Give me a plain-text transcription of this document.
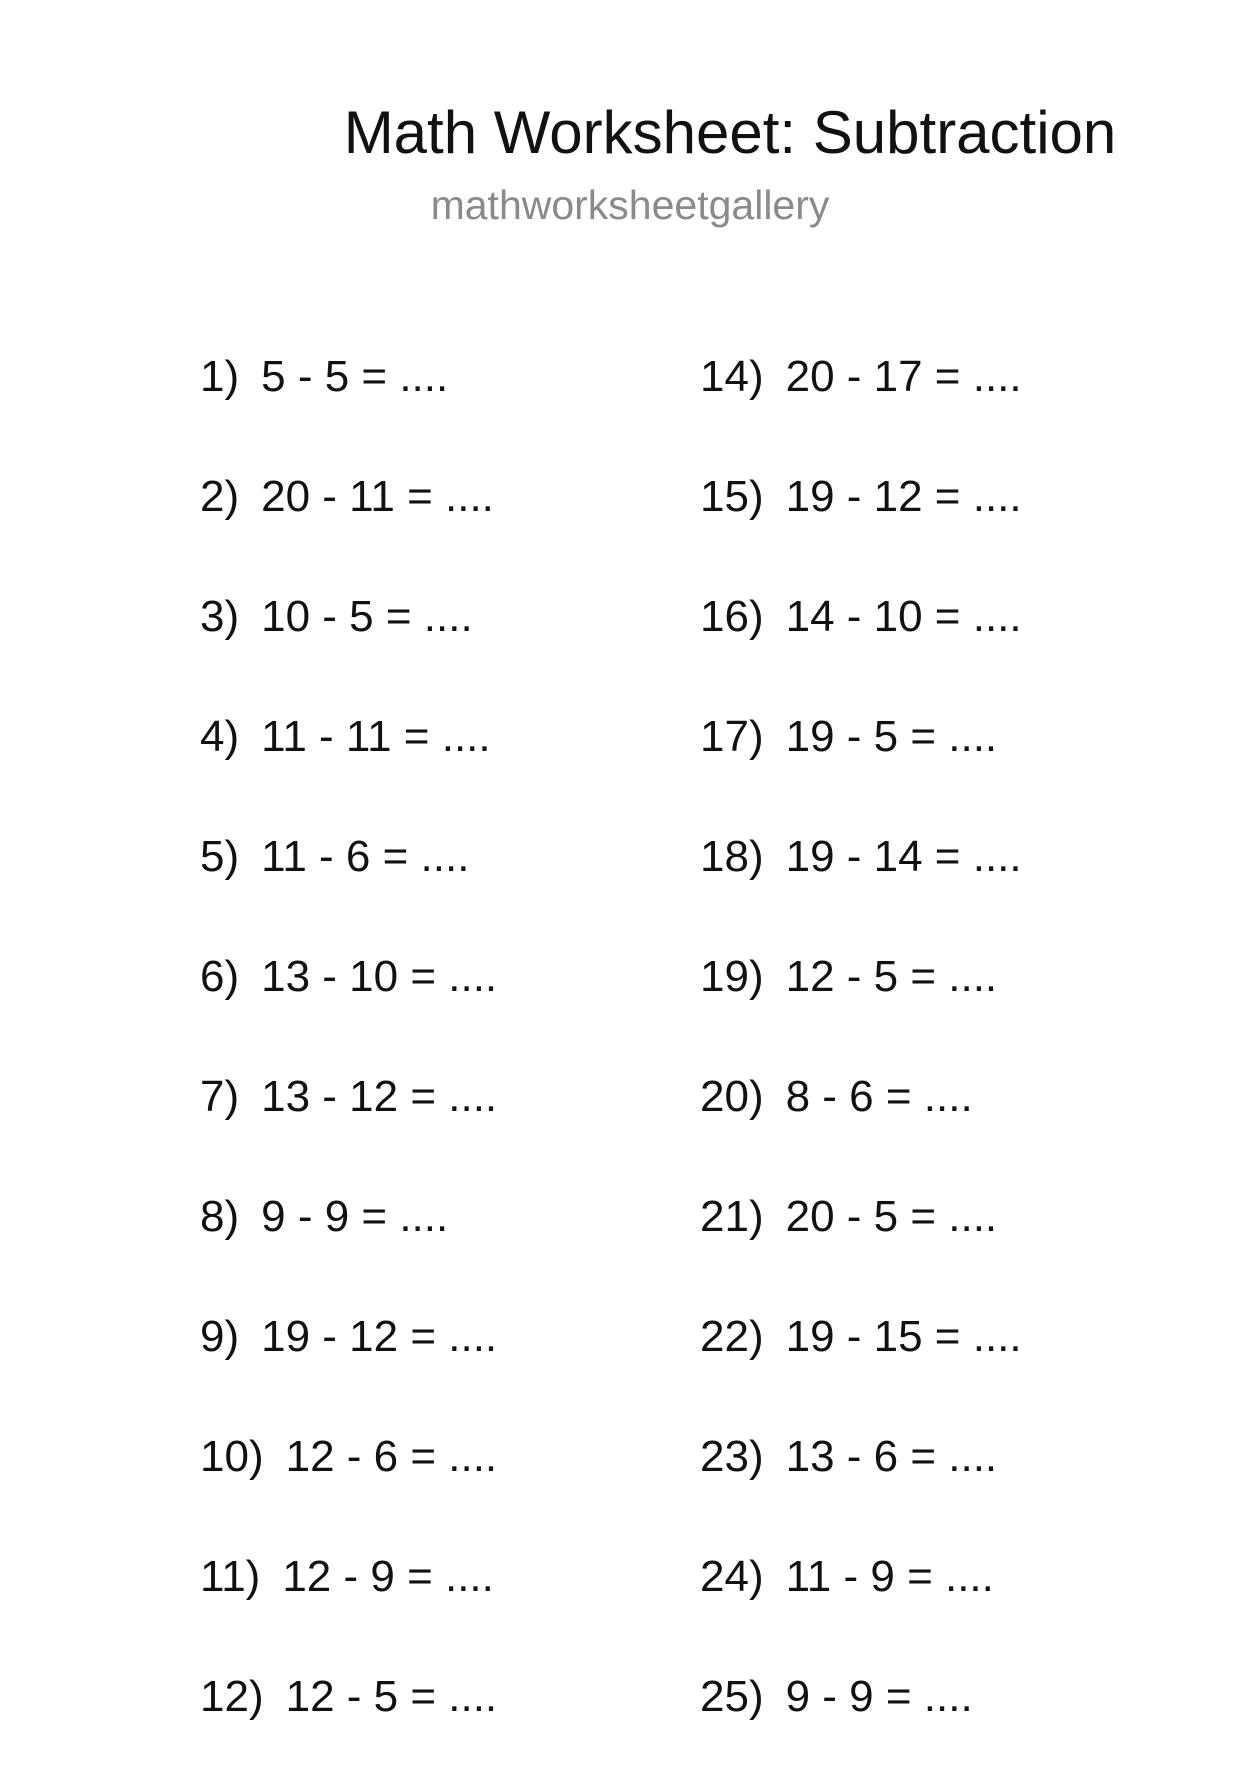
Math Worksheet: Subtraction
mathworksheetgallery
1) 5 - 5 = ....
2) 20 - 11 = ....
3) 10 - 5 = ....
4) 11 - 11 = ....
5) 11 - 6 = ....
6) 13 - 10 = ....
7) 13 - 12 = ....
8) 9 - 9 = ....
9) 19 - 12 = ....
10) 12 - 6 = ....
11) 12 - 9 = ....
12) 12 - 5 = ....
14) 20 - 17 = ....
15) 19 - 12 = ....
16) 14 - 10 = ....
17) 19 - 5 = ....
18) 19 - 14 = ....
19) 12 - 5 = ....
20) 8 - 6 = ....
21) 20 - 5 = ....
22) 19 - 15 = ....
23) 13 - 6 = ....
24) 11 - 9 = ....
25) 9 - 9 = ....
